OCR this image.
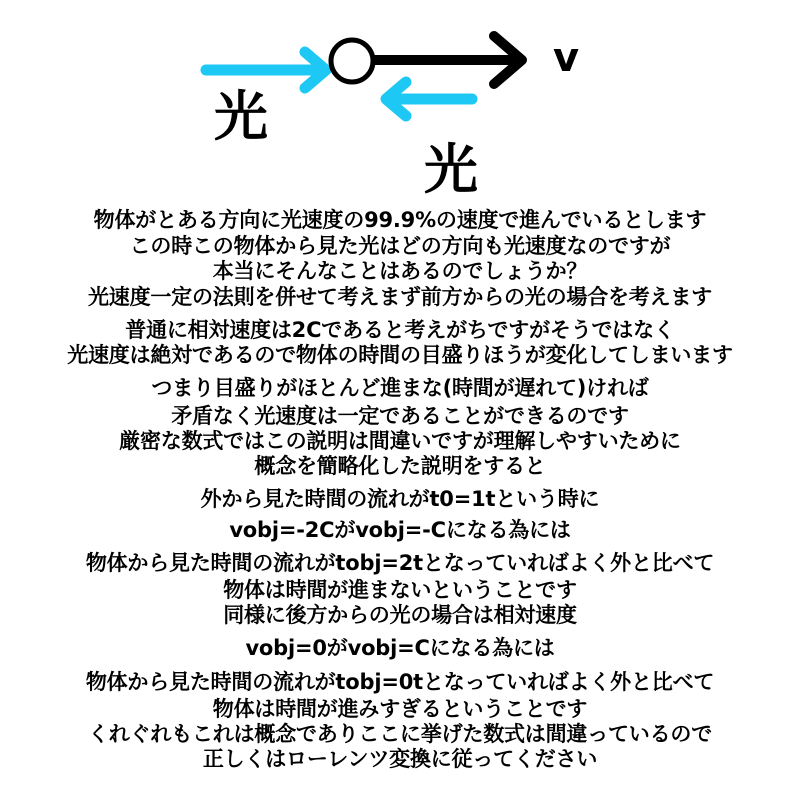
光
光
v
物体がとある方向に光速度の99.9%の速度で進んでいるとします
この時この物体から見た光はどの方向も光速度なのですが
本当にそんなことはあるのでしょうか？
光速度一定の法則を併せて考えまず前方からの光の場合を考えます
普通に相対速度は2Cであると考えがちですがそうではなく
光速度は絶対であるので物体の時間の目盛りほうが変化してしまいます
つまり目盛りがほとんど進まな(時間が遅れて)ければ
矛盾なく光速度は一定であることができるのです
厳密な数式ではこの説明は間違いですが理解しやすいために
概念を簡略化した説明をすると
外から見た時間の流れがt0=1tという時に
vobj=-2Cがvobj=-Cになる為には
物体から見た時間の流れがtobj=2tとなっていればよく外と比べて
物体は時間が進まないということです
同様に後方からの光の場合は相対速度
vobj=0がvobj=Cになる為には
物体から見た時間の流れがtobj=0tとなっていればよく外と比べて
物体は時間が進みすぎるということです
くれぐれもこれは概念でありここに挙げた数式は間違っているので
正しくはローレンツ変換に従ってください
